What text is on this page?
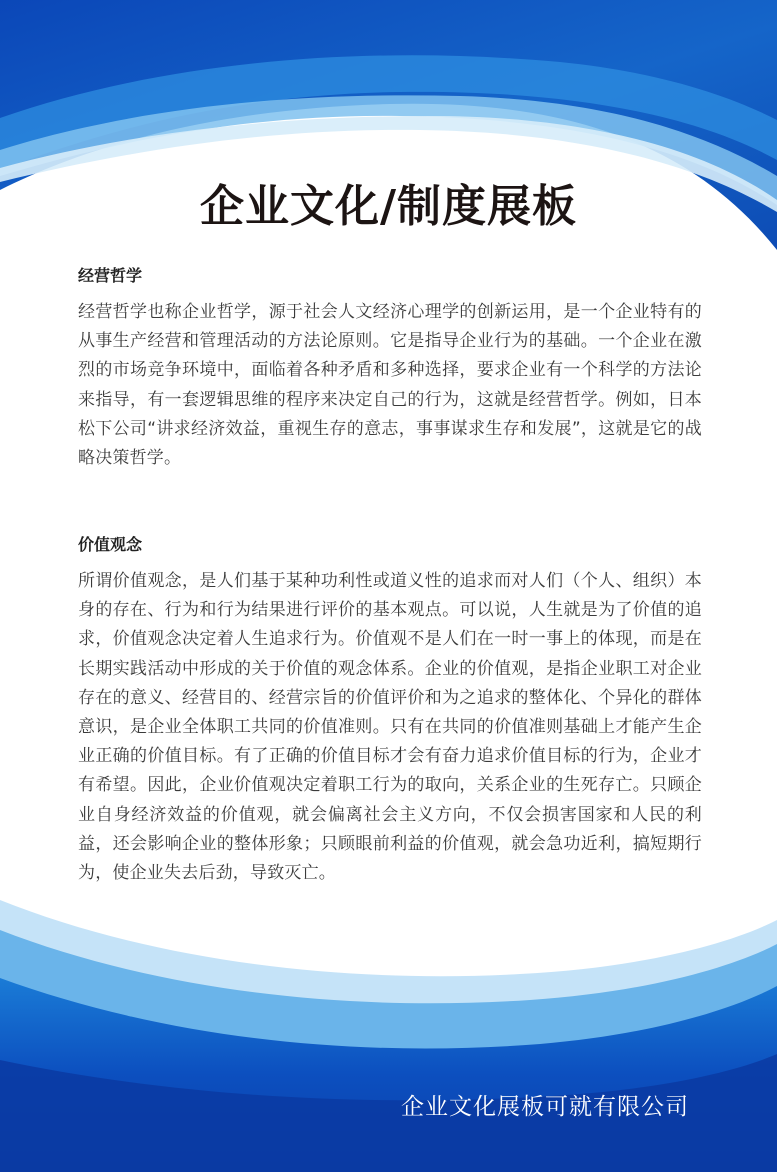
企业文化/制度展板
经营哲学

经营哲学也称企业哲学，源于社会人文经济心理学的创新运用，是一个企业特有的从事生产经营和管理活动的方法论原则。它是指导企业行为的基础。一个企业在激烈的市场竞争环境中，面临着各种矛盾和多种选择，要求企业有一个科学的方法论来指导，有一套逻辑思维的程序来决定自己的行为，这就是经营哲学。例如，日本松下公司“讲求经济效益，重视生存的意志，事事谋求生存和发展”，这就是它的战略决策哲学。

价值观念

所谓价值观念，是人们基于某种功利性或道义性的追求而对人们（个人、组织）本身的存在、行为和行为结果进行评价的基本观点。可以说，人生就是为了价值的追求，价值观念决定着人生追求行为。价值观不是人们在一时一事上的体现，而是在长期实践活动中形成的关于价值的观念体系。企业的价值观，是指企业职工对企业存在的意义、经营目的、经营宗旨的价值评价和为之追求的整体化、个异化的群体意识，是企业全体职工共同的价值准则。只有在共同的价值准则基础上才能产生企业正确的价值目标。有了正确的价值目标才会有奋力追求价值目标的行为，企业才有希望。因此，企业价值观决定着职工行为的取向，关系企业的生死存亡。只顾企业自身经济效益的价值观，就会偏离社会主义方向，不仅会损害国家和人民的利益，还会影响企业的整体形象；只顾眼前利益的价值观，就会急功近利，搞短期行为，使企业失去后劲，导致灭亡。

企业文化展板可就有限公司
